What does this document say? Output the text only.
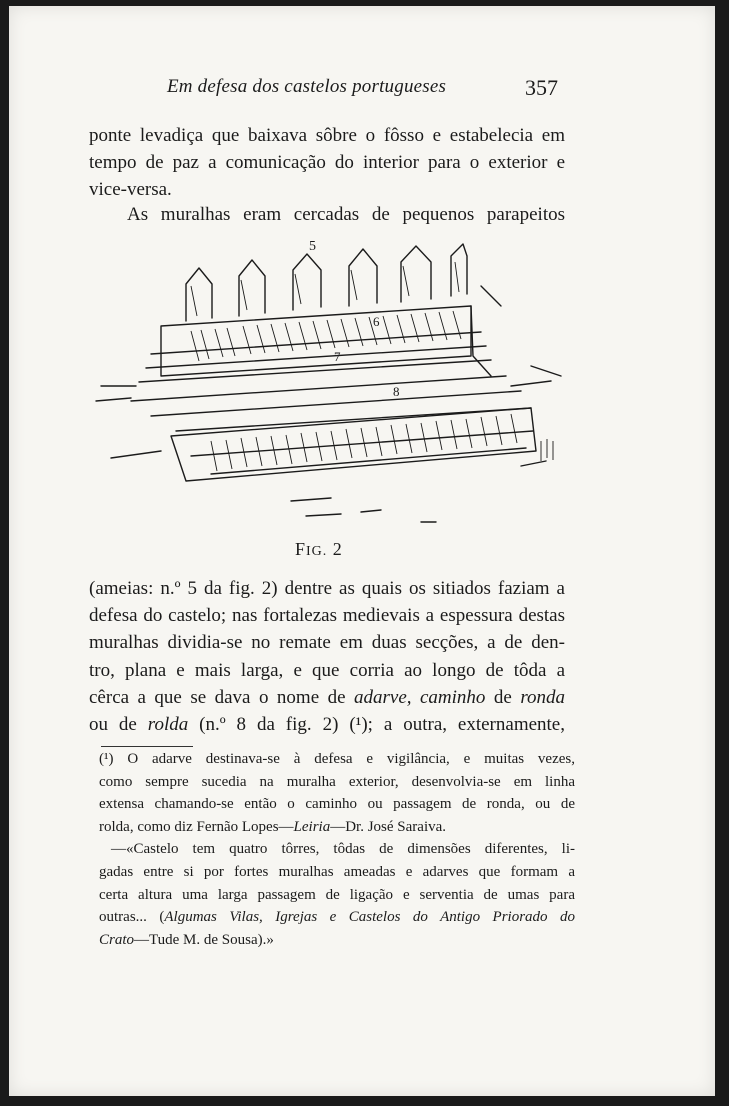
Em defesa dos castelos portugueses	357
ponte levadiça que baixava sôbre o fôsso e estabelecia em
tempo de paz a comunicação do interior para o exterior e
vice-versa.
As muralhas eram cercadas de pequenos parapeitos
5
6
7
8
FIG. 2
(ameias: n.º 5 da fig. 2) dentre as quais os sitiados faziam a
defesa do castelo; nas fortalezas medievais a espessura destas
muralhas dividia-se no remate em duas secções, a de den-
tro, plana e mais larga, e que corria ao longo de tôda a
cêrca a que se dava o nome de adarve, caminho de ronda
ou de rolda (n.º 8 da fig. 2) (¹); a outra, externamente,
(¹) O adarve destinava-se à defesa e vigilância, e muitas vezes,
como sempre sucedia na muralha exterior, desenvolvia-se em linha
extensa chamando-se então o caminho ou passagem de ronda, ou de
rolda, como diz Fernão Lopes—Leiria—Dr. José Saraiva.
—«Castelo tem quatro tôrres, tôdas de dimensões diferentes, li-
gadas entre si por fortes muralhas ameadas e adarves que formam a
certa altura uma larga passagem de ligação e serventia de umas para
outras... (Algumas Vilas, Igrejas e Castelos do Antigo Priorado do
Crato—Tude M. de Sousa).»
